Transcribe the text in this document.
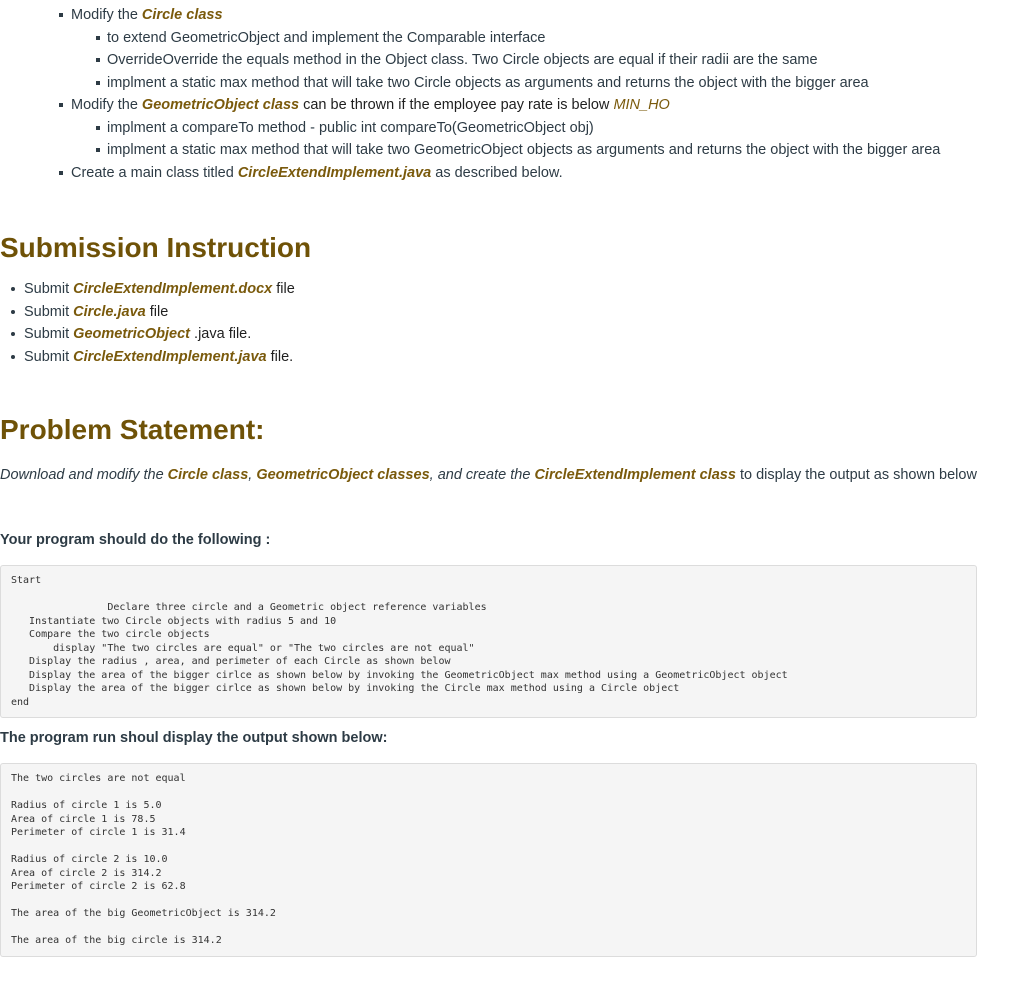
Modify the Circle class
to extend GeometricObject and implement the Comparable interface
OverrideOverride the equals method in the Object class. Two Circle objects are equal if their radii are the same
implment a static max method that will take two Circle objects as arguments and returns the object with the bigger area
Modify the GeometricObject class can be thrown if the employee pay rate is below MIN_HO
implment a compareTo method - public int compareTo(GeometricObject obj)
implment a static max method that will take two GeometricObject objects as arguments and returns the object with the bigger area
Create a main class titled CircleExtendImplement.java as described below.
Submission Instruction
Submit CircleExtendImplement.docx file
Submit Circle.java file
Submit GeometricObject .java file.
Submit CircleExtendImplement.java file.
Problem Statement:

Download and modify the Circle class, GeometricObject classes, and create the CircleExtendImplement class to display the output as shown below

Your program should do the following :

Start

Declare three circle and a Geometric object reference variables
Instantiate two Circle objects with radius 5 and 10
Compare the two circle objects
display "The two circles are equal" or "The two circles are not equal"
Display the radius , area, and perimeter of each Circle as shown below
Display the area of the bigger cirlce as shown below by invoking the GeometricObject max method using a GeometricObject object
Display the area of the bigger cirlce as shown below by invoking the Circle max method using a Circle object
end

The program run shoul display the output shown below:

The two circles are not equal

Radius of circle 1 is 5.0
Area of circle 1 is 78.5
Perimeter of circle 1 is 31.4

Radius of circle 2 is 10.0
Area of circle 2 is 314.2
Perimeter of circle 2 is 62.8

The area of the big GeometricObject is 314.2

The area of the big circle is 314.2
